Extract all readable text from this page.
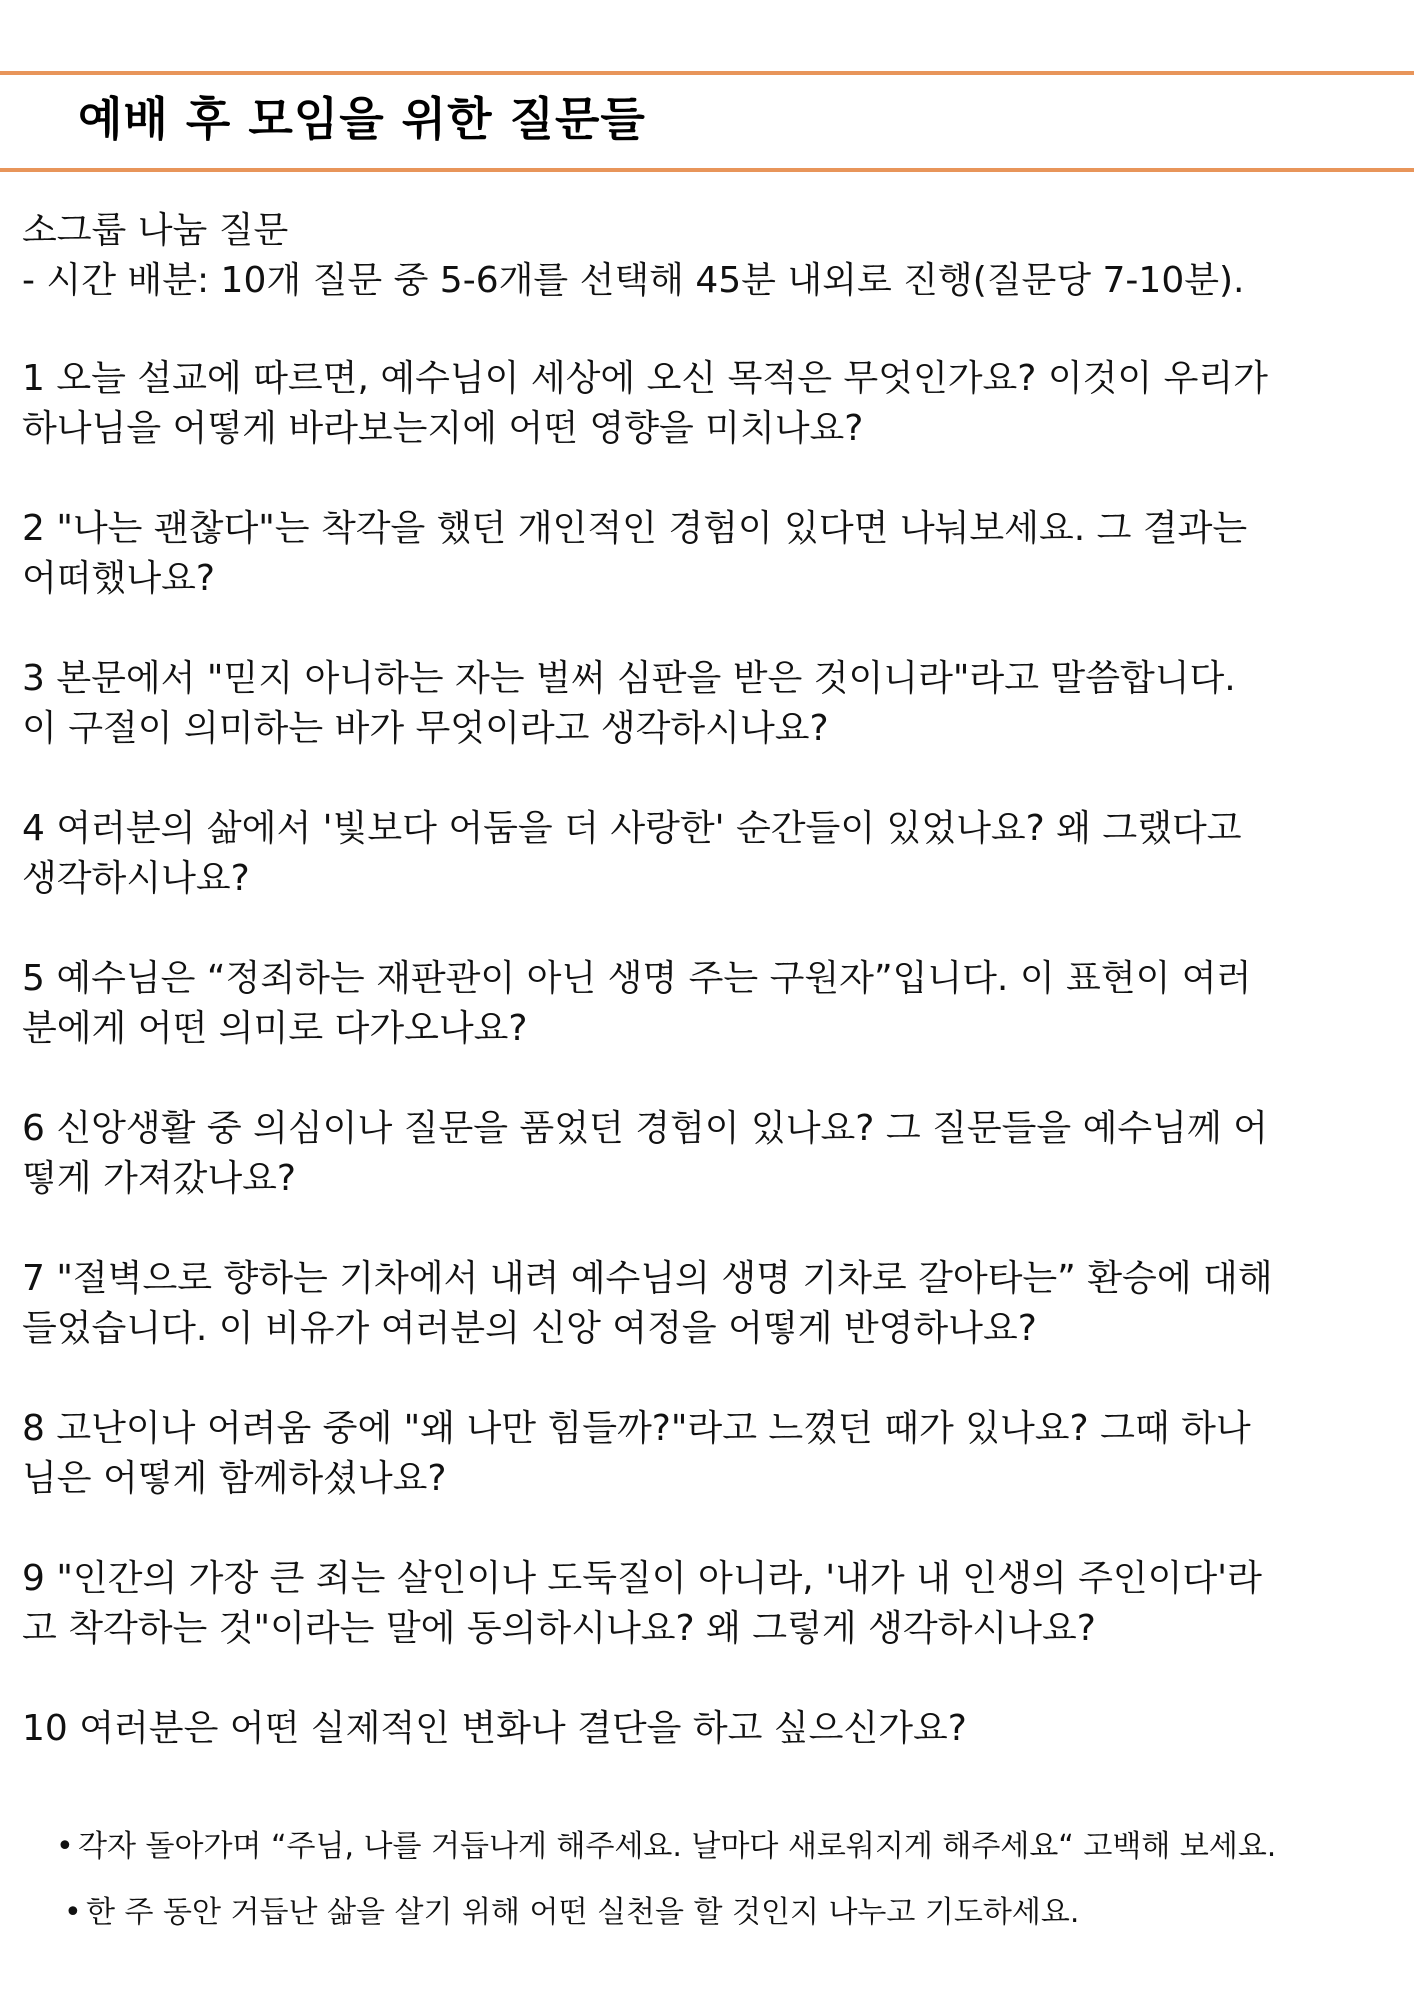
예배 후 모임을 위한 질문들
소그룹 나눔 질문
- 시간 배분: 10개 질문 중 5-6개를 선택해 45분 내외로 진행(질문당 7-10분).
1 오늘 설교에 따르면, 예수님이 세상에 오신 목적은 무엇인가요? 이것이 우리가
하나님을 어떻게 바라보는지에 어떤 영향을 미치나요?
2 "나는 괜찮다"는 착각을 했던 개인적인 경험이 있다면 나눠보세요. 그 결과는
어떠했나요?
3 본문에서 "믿지 아니하는 자는 벌써 심판을 받은 것이니라"라고 말씀합니다.
이 구절이 의미하는 바가 무엇이라고 생각하시나요?
4 여러분의 삶에서 '빛보다 어둠을 더 사랑한' 순간들이 있었나요? 왜 그랬다고
생각하시나요?
5 예수님은 “정죄하는 재판관이 아닌 생명 주는 구원자”입니다. 이 표현이 여러
분에게 어떤 의미로 다가오나요?
6 신앙생활 중 의심이나 질문을 품었던 경험이 있나요? 그 질문들을 예수님께 어
떻게 가져갔나요?
7 "절벽으로 향하는 기차에서 내려 예수님의 생명 기차로 갈아타는” 환승에 대해
들었습니다. 이 비유가 여러분의 신앙 여정을 어떻게 반영하나요?
8 고난이나 어려움 중에 "왜 나만 힘들까?"라고 느꼈던 때가 있나요? 그때 하나
님은 어떻게 함께하셨나요?
9 "인간의 가장 큰 죄는 살인이나 도둑질이 아니라, '내가 내 인생의 주인이다'라
고 착각하는 것"이라는 말에 동의하시나요? 왜 그렇게 생각하시나요?
10 여러분은 어떤 실제적인 변화나 결단을 하고 싶으신가요?
• 각자 돌아가며 “주님, 나를 거듭나게 해주세요. 날마다 새로워지게 해주세요“ 고백해 보세요.
• 한 주 동안 거듭난 삶을 살기 위해 어떤 실천을 할 것인지 나누고 기도하세요.
